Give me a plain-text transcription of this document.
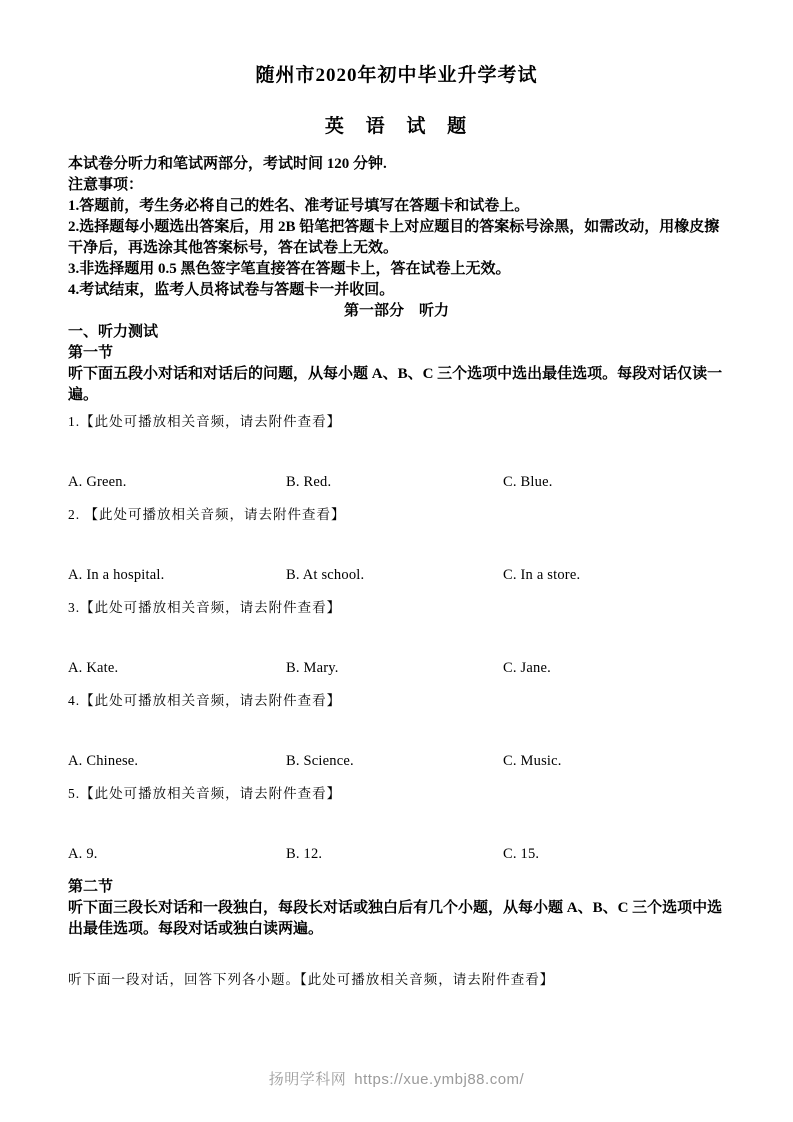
随州市2020年初中毕业升学考试
英 语 试 题

本试卷分听力和笔试两部分，考试时间 120 分钟.

注意事项：

1.答题前，考生务必将自己的姓名、准考证号填写在答题卡和试卷上。

2.选择题每小题选出答案后，用 2B 铅笔把答题卡上对应题目的答案标号涂黑，如需改动，用橡皮擦干净后，再选涂其他答案标号，答在试卷上无效。

3.非选择题用 0.5 黑色签字笔直接答在答题卡上，答在试卷上无效。

4.考试结束，监考人员将试卷与答题卡一并收回。

第一部分　听力

一、听力测试

第一节

听下面五段小对话和对话后的问题，从每小题 A、B、C 三个选项中选出最佳选项。每段对话仅读一遍。

1.【此处可播放相关音频，请去附件查看】

A. Green.	B. Red.	C. Blue.

2. 【此处可播放相关音频，请去附件查看】

A. In a hospital.	B. At school.	C. In a store.

3.【此处可播放相关音频，请去附件查看】

A. Kate.	B. Mary.	C. Jane.

4.【此处可播放相关音频，请去附件查看】

A. Chinese.	B. Science.	C. Music.

5.【此处可播放相关音频，请去附件查看】

A. 9.	B. 12.	C. 15.

第二节

听下面三段长对话和一段独白，每段长对话或独白后有几个小题，从每小题 A、B、C 三个选项中选出最佳选项。每段对话或独白读两遍。

听下面一段对话，回答下列各小题。【此处可播放相关音频，请去附件查看】

扬明学科网 https://xue.ymbj88.com/
